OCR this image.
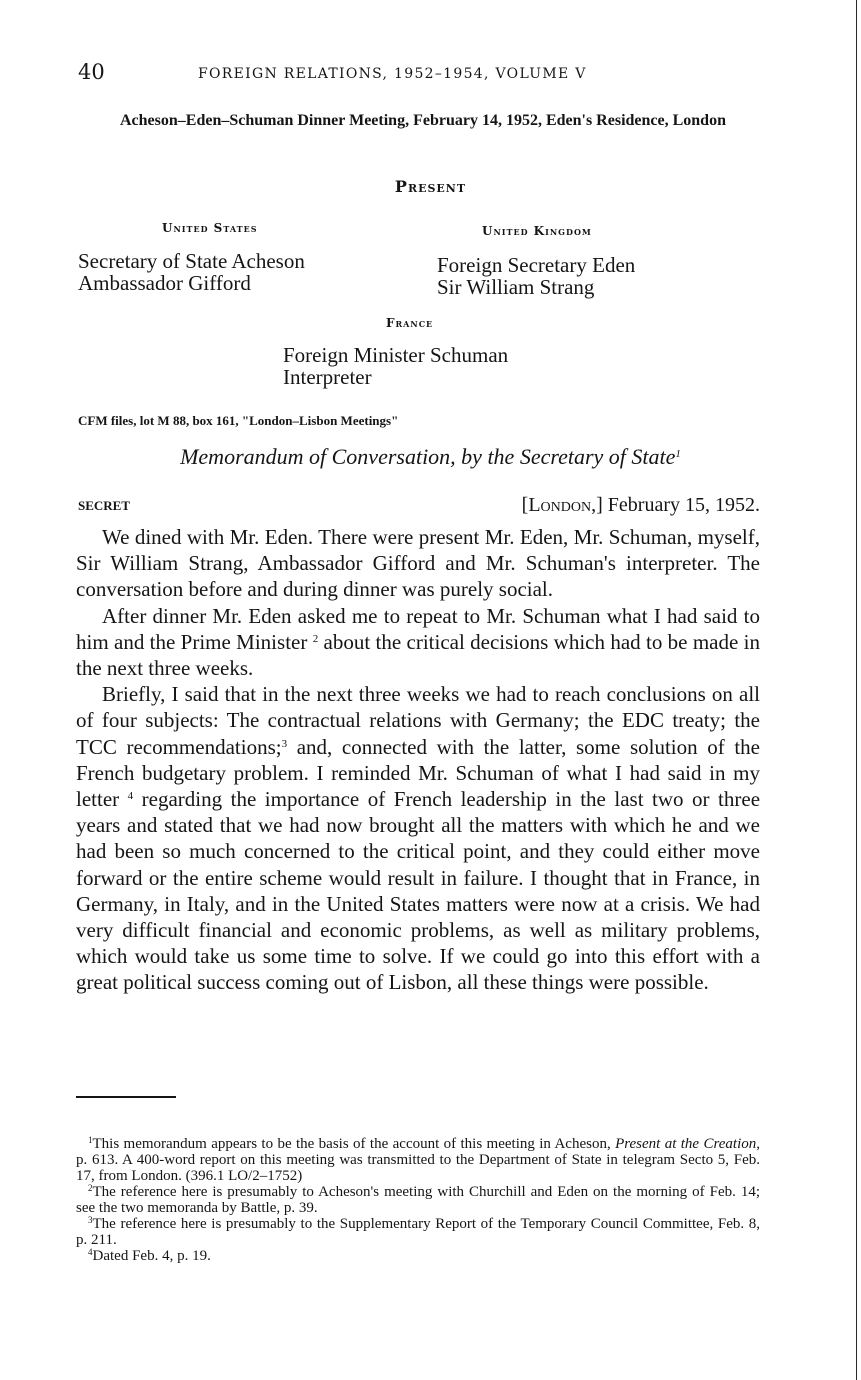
40	FOREIGN RELATIONS, 1952–1954, VOLUME V
Acheson–Eden–Schuman Dinner Meeting, February 14, 1952, Eden's Residence, London
Present
United States
Secretary of State Acheson
Ambassador Gifford
United Kingdom
Foreign Secretary Eden
Sir William Strang
France
Foreign Minister Schuman
Interpreter
CFM files, lot M 88, box 161, "London–Lisbon Meetings"
Memorandum of Conversation, by the Secretary of State$^1$
SECRET	[London,] February 15, 1952.

We dined with Mr. Eden. There were present Mr. Eden, Mr. Schuman, myself, Sir William Strang, Ambassador Gifford and Mr. Schuman's interpreter. The conversation before and during dinner was purely social.

After dinner Mr. Eden asked me to repeat to Mr. Schuman what I had said to him and the Prime Minister $^2$ about the critical decisions which had to be made in the next three weeks.

Briefly, I said that in the next three weeks we had to reach conclusions on all of four subjects: The contractual relations with Germany; the EDC treaty; the TCC recommendations;$^3$ and, connected with the latter, some solution of the French budgetary problem. I reminded Mr. Schuman of what I had said in my letter $^4$ regarding the importance of French leadership in the last two or three years and stated that we had now brought all the matters with which he and we had been so much concerned to the critical point, and they could either move forward or the entire scheme would result in failure. I thought that in France, in Germany, in Italy, and in the United States matters were now at a crisis. We had very difficult financial and economic problems, as well as military problems, which would take us some time to solve. If we could go into this effort with a great political success coming out of Lisbon, all these things were possible.

$^1$This memorandum appears to be the basis of the account of this meeting in Acheson, Present at the Creation, p. 613. A 400-word report on this meeting was transmitted to the Department of State in telegram Secto 5, Feb. 17, from London. (396.1 LO/2–1752)

$^2$The reference here is presumably to Acheson's meeting with Churchill and Eden on the morning of Feb. 14; see the two memoranda by Battle, p. 39.

$^3$The reference here is presumably to the Supplementary Report of the Temporary Council Committee, Feb. 8, p. 211.

$^4$Dated Feb. 4, p. 19.
